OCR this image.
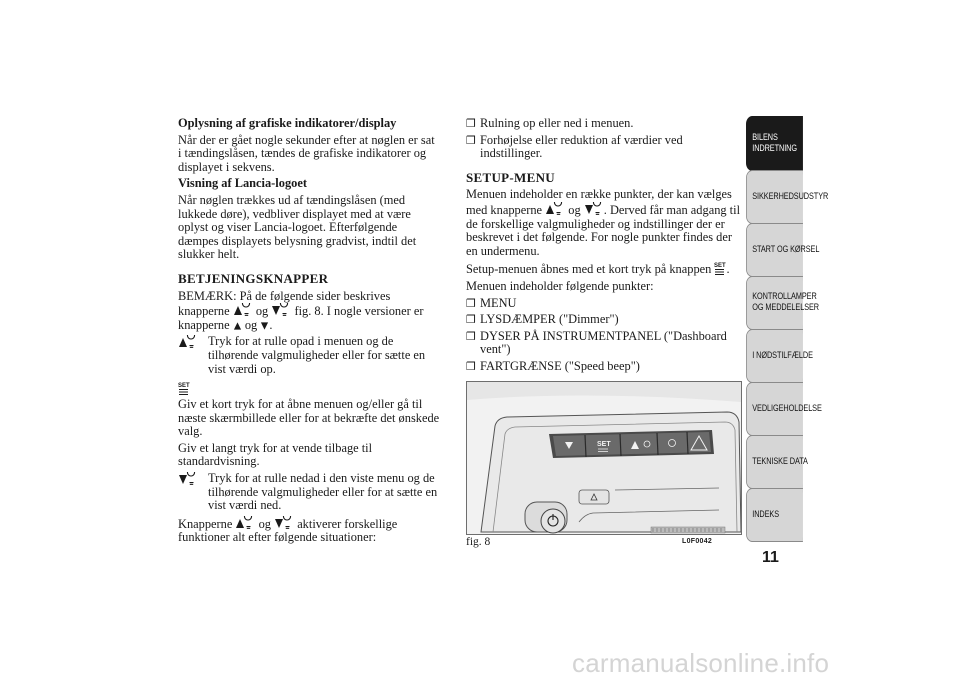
Oplysning af grafiske indikatorer/display

Når der er gået nogle sekunder efter at nøglen er sat i tændingslåsen, tændes de grafiske indikatorer og displayet i sekvens.

Visning af Lancia-logoet

Når nøglen trækkes ud af tændingslåsen (med lukkede døre), vedbliver displayet med at være oplyst og viser Lancia-logoet. Efterfølgende dæmpes displayets belysning gradvist, indtil det slukker helt.

BETJENINGSKNAPPER

BEMÆRK: På de følgende sider beskrives knapperne og fig. 8. I nogle versioner er knapperne og .

Tryk for at rulle opad i menuen og de tilhørende valgmuligheder eller for sætte en vist værdi op.

Giv et kort tryk for at åbne menuen og/eller gå til næste skærmbillede eller for at bekræfte det ønskede valg.

Giv et langt tryk for at vende tilbage til standardvisning.

Tryk for at rulle nedad i den viste menu og de tilhørende valgmuligheder eller for at sætte en vist værdi ned.

Knapperne og aktiverer forskellige funktioner alt efter følgende situationer:

❒ Rulning op eller ned i menuen.
❒ Forhøjelse eller reduktion af værdier ved indstillinger.
SETUP-MENU

Menuen indeholder en række punkter, der kan vælges med knapperne og . Derved får man adgang til de forskellige valgmuligheder og indstillinger der er beskrevet i det følgende. For nogle punkter findes der en undermenu.

Setup-menuen åbnes med et kort tryk på knappen .

Menuen indeholder følgende punkter:

❒ MENU
❒ LYSDÆMPER ("Dimmer")
❒ DYSER PÅ INSTRUMENTPANEL ("Dashboard vent")
❒ FARTGRÆNSE ("Speed beep")
SET
fig. 8	L0F0042
BILENS INDRETNING
SIKKERHEDSUDSTYR
START OG KØRSEL
KONTROLLAMPER OG MEDDELELSER
I NØDSTILFÆLDE
VEDLIGEHOLDELSE
TEKNISKE DATA
INDEKS
11
carmanualsonline.info
